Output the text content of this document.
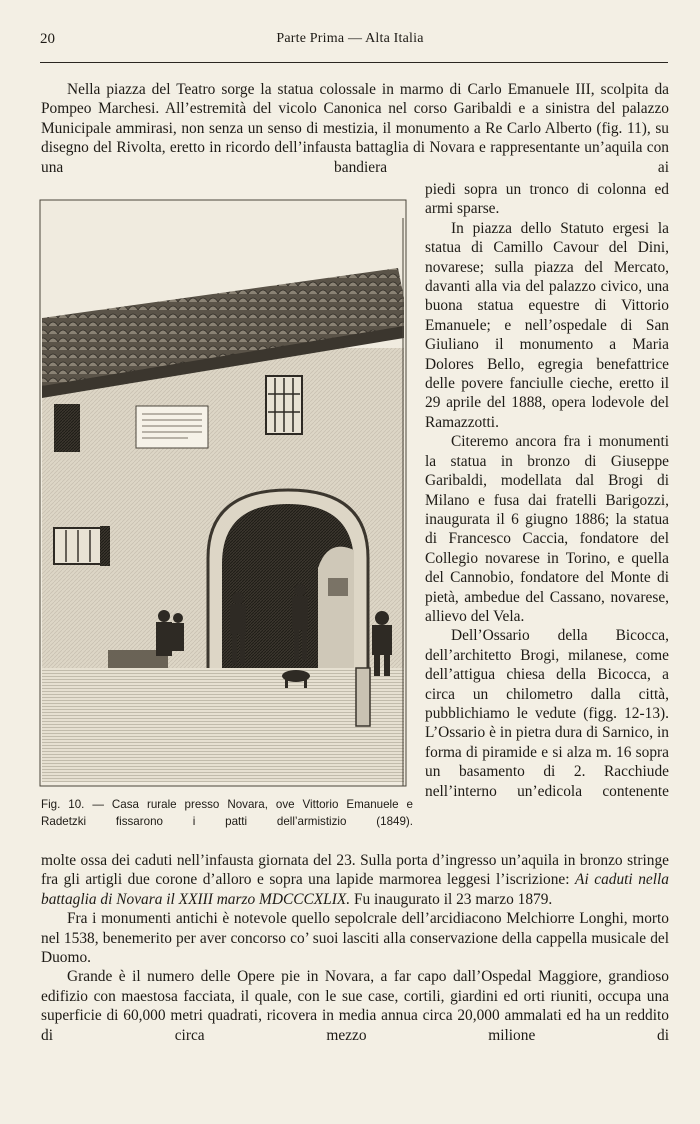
20	Parte Prima — Alta Italia

Nella piazza del Teatro sorge la statua colossale in marmo di Carlo Emanuele III, scolpita da Pompeo Marchesi. All’estremità del vicolo Canonica nel corso Garibaldi e a sinistra del palazzo Municipale ammirasi, non senza un senso di mestizia, il monumento a Re Carlo Alberto (fig. 11), su disegno del Rivolta, eretto in ricordo dell’infausta battaglia di Novara e rappresentante un’aquila con una bandiera ai

piedi sopra un tronco di colonna ed armi sparse.

In piazza dello Statuto ergesi la statua di Camillo Cavour del Dini, novarese; sulla piazza del Mercato, davanti alla via del palazzo civico, una buona statua equestre di Vittorio Emanuele; e nell’ospedale di San Giuliano il monumento a Maria Dolores Bello, egregia benefattrice delle povere fanciulle cieche, eretto il 29 aprile del 1888, opera lodevole del Ramazzotti.

Citeremo ancora fra i monumenti la statua in bronzo di Giuseppe Garibaldi, modellata dal Brogi di Milano e fusa dai fratelli Barigozzi, inaugurata il 6 giugno 1886; la statua di Francesco Caccia, fondatore del Collegio novarese in Torino, e quella del Cannobio, fondatore del Monte di pietà, ambedue del Cassano, novarese, allievo del Vela.

Dell’Ossario della Bicocca, dell’architetto Brogi, milanese, come dell’attigua chiesa della Bicocca, a circa un chilometro dalla città, pubblichiamo le vedute (figg. 12-13). L’Ossario è in pietra dura di Sarnico, in forma di piramide e si alza m. 16 sopra un basamento di 2. Racchiude nell’interno un’edicola contenente

Fig. 10. — Casa rurale presso Novara, ove Vittorio Emanuele e Radetzki fissarono i patti dell’armistizio (1849).

molte ossa dei caduti nell’infausta giornata del 23. Sulla porta d’ingresso un’aquila in bronzo stringe fra gli artigli due corone d’alloro e sopra una lapide marmorea leggesi l’iscrizione: Ai caduti nella battaglia di Novara il XXIII marzo MDCCCXLIX. Fu inaugurato il 23 marzo 1879.

Fra i monumenti antichi è notevole quello sepolcrale dell’arcidiacono Melchiorre Longhi, morto nel 1538, benemerito per aver concorso co’ suoi lasciti alla conservazione della cappella musicale del Duomo.

Grande è il numero delle Opere pie in Novara, a far capo dall’Ospedal Maggiore, grandioso edifizio con maestosa facciata, il quale, con le sue case, cortili, giardini ed orti riuniti, occupa una superficie di 60,000 metri quadrati, ricovera in media annua circa 20,000 ammalati ed ha un reddito di circa mezzo milione di
